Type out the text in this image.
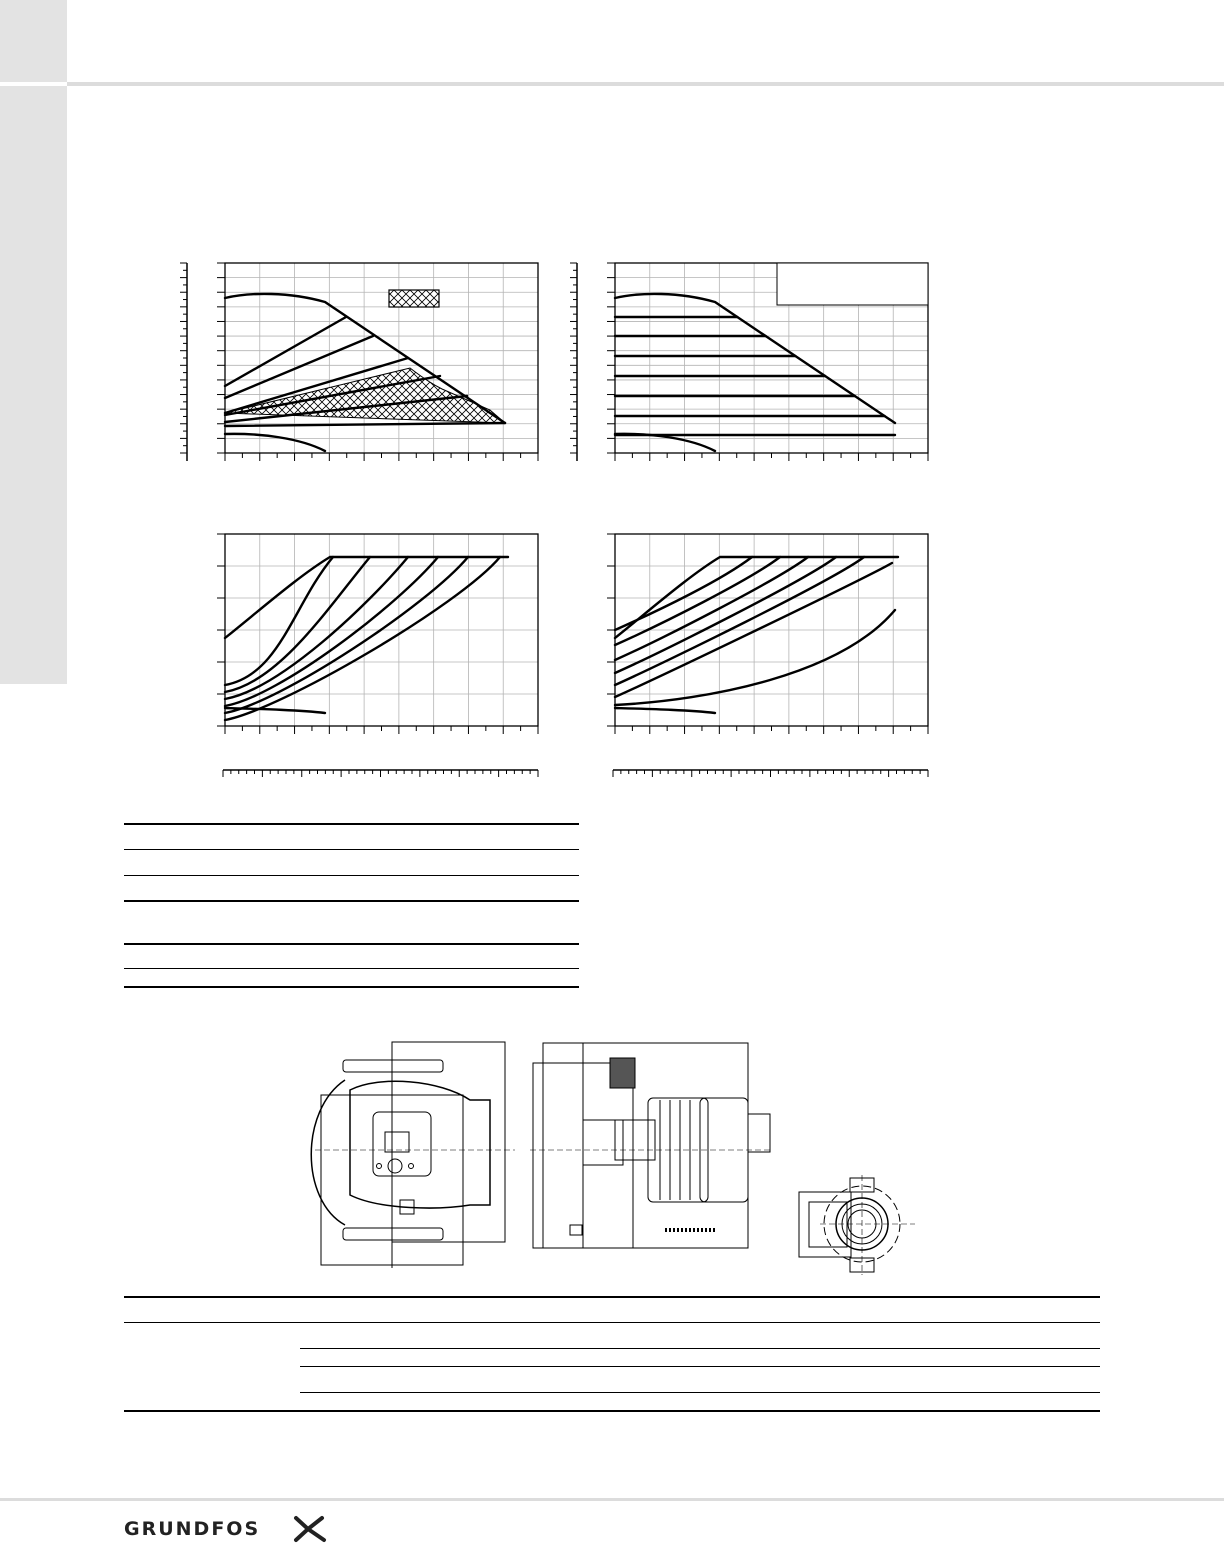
GRUNDFOS
